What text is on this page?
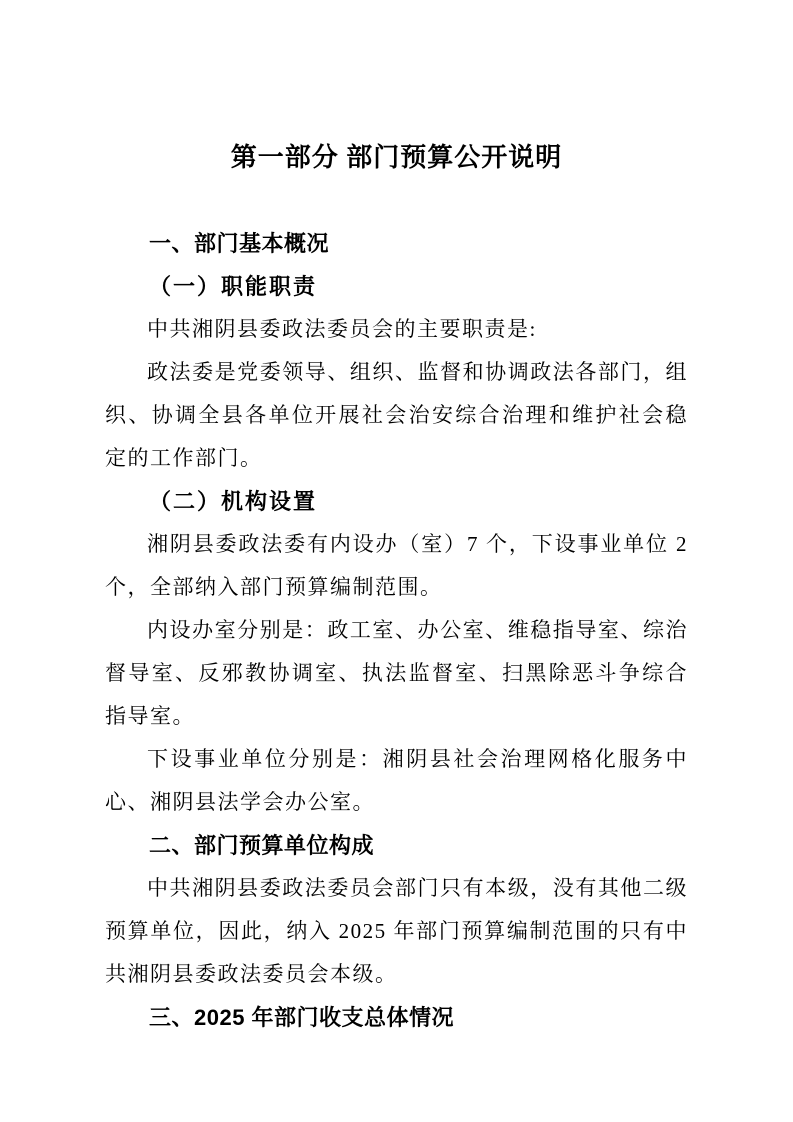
第一部分 部门预算公开说明

一、部门基本概况

（一）职能职责

中共湘阴县委政法委员会的主要职责是:

政法委是党委领导、组织、监督和协调政法各部门，组织、协调全县各单位开展社会治安综合治理和维护社会稳定的工作部门。

（二）机构设置

湘阴县委政法委有内设办（室）7 个，下设事业单位 2 个，全部纳入部门预算编制范围。

内设办室分别是：政工室、办公室、维稳指导室、综治督导室、反邪教协调室、执法监督室、扫黑除恶斗争综合指导室。

下设事业单位分别是：湘阴县社会治理网格化服务中心、湘阴县法学会办公室。

二、部门预算单位构成

中共湘阴县委政法委员会部门只有本级，没有其他二级预算单位，因此，纳入 2025 年部门预算编制范围的只有中共湘阴县委政法委员会本级。

三、2025 年部门收支总体情况
